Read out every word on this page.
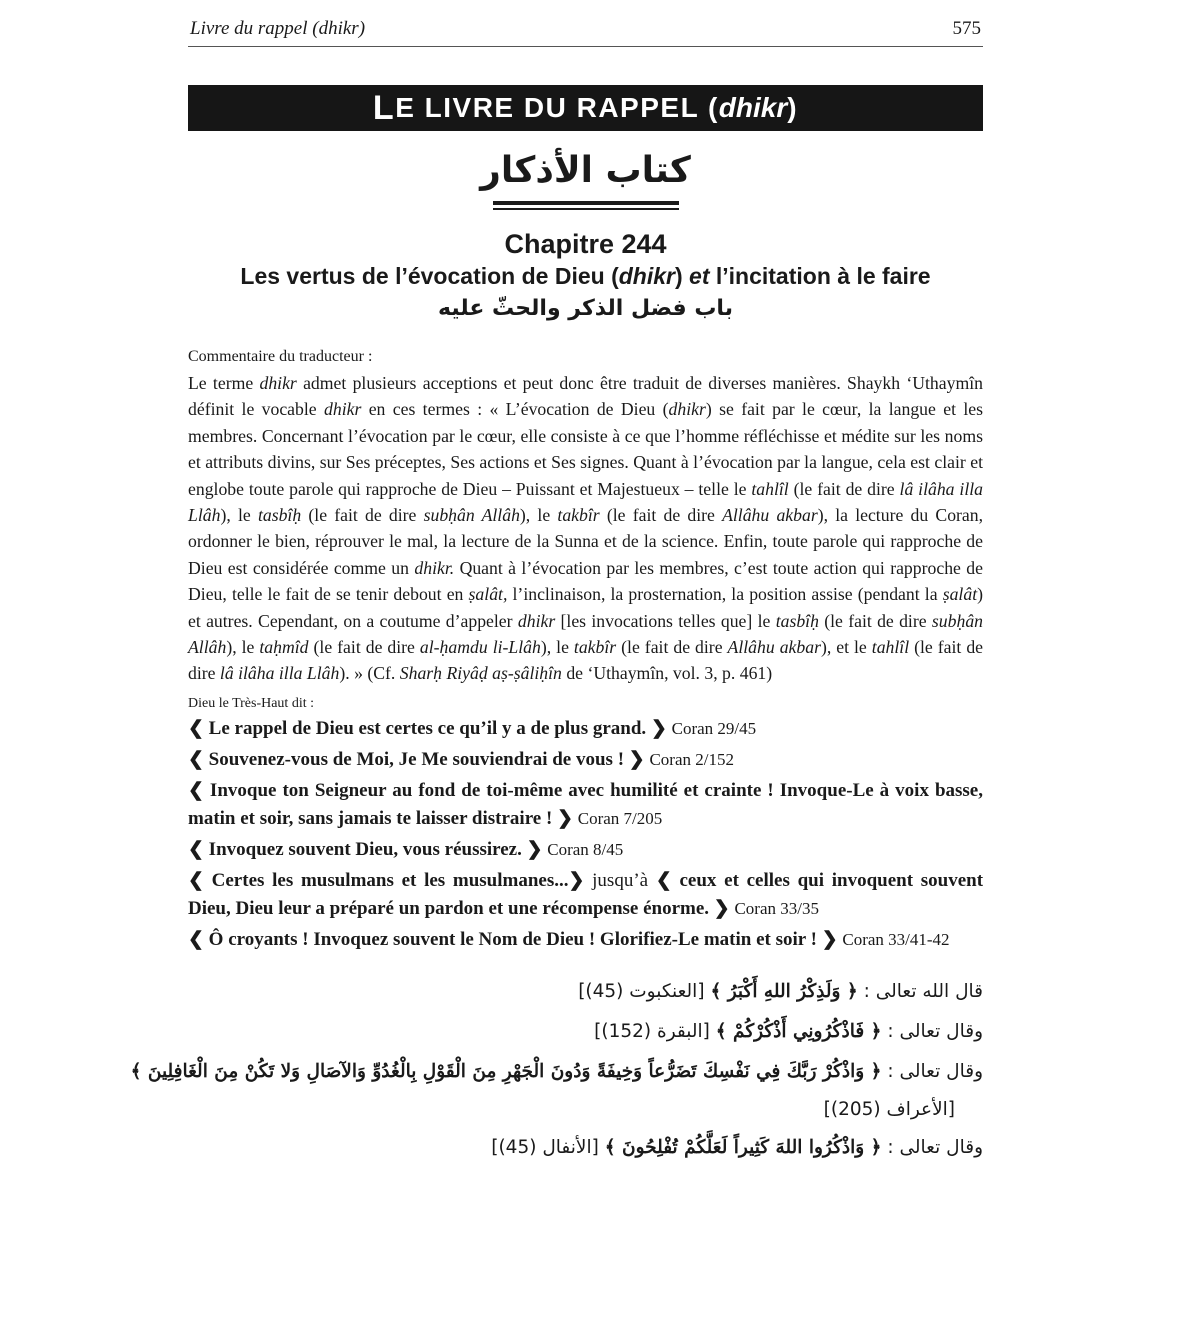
Livre du rappel (dhikr)	575
L E LIVRE DU RAPPEL ( dhikr )
كتاب الأذكار
Chapitre 244
Les vertus de l’évocation de Dieu (dhikr) et l’incitation à le faire
باب فضل الذكر والحثّ عليه
Commentaire du traducteur :
Le terme dhikr admet plusieurs acceptions et peut donc être traduit de diverses manières. Shaykh ‘Uthaymîn définit le vocable dhikr en ces termes : « L’évocation de Dieu (dhikr) se fait par le cœur, la langue et les membres. Concernant l’évocation par le cœur, elle consiste à ce que l’homme réfléchisse et médite sur les noms et attributs divins, sur Ses préceptes, Ses actions et Ses signes. Quant à l’évocation par la langue, cela est clair et englobe toute parole qui rapproche de Dieu – Puissant et Majestueux – telle le tahlîl (le fait de dire lâ ilâha illa Llâh), le tasbîḥ (le fait de dire subḥân Allâh), le takbîr (le fait de dire Allâhu akbar), la lecture du Coran, ordonner le bien, réprouver le mal, la lecture de la Sunna et de la science. Enfin, toute parole qui rapproche de Dieu est considérée comme un dhikr. Quant à l’évocation par les membres, c’est toute action qui rapproche de Dieu, telle le fait de se tenir debout en ṣalât, l’inclinaison, la prosternation, la position assise (pendant la ṣalât) et autres. Cependant, on a coutume d’appeler dhikr [les invocations telles que] le tasbîḥ (le fait de dire subḥân Allâh), le taḥmîd (le fait de dire al-ḥamdu li-Llâh), le takbîr (le fait de dire Allâhu akbar), et le tahlîl (le fait de dire lâ ilâha illa Llâh). » (Cf. Sharḥ Riyâḍ aṣ-ṣâliḥîn de ‘Uthaymîn, vol. 3, p. 461)
Dieu le Très-Haut dit :
❮ Le rappel de Dieu est certes ce qu’il y a de plus grand. ❯ Coran 29/45
❮ Souvenez-vous de Moi, Je Me souviendrai de vous ! ❯ Coran 2/152
❮ Invoque ton Seigneur au fond de toi-même avec humilité et crainte ! Invoque-Le à voix basse, matin et soir, sans jamais te laisser distraire ! ❯ Coran 7/205
❮ Invoquez souvent Dieu, vous réussirez. ❯ Coran 8/45
❮ Certes les musulmans et les musulmanes...❯ jusqu’à ❮ ceux et celles qui invoquent souvent Dieu, Dieu leur a préparé un pardon et une récompense énorme. ❯ Coran 33/35
❮ Ô croyants ! Invoquez souvent le Nom de Dieu ! Glorifiez-Le matin et soir ! ❯ Coran 33/41-42
قال الله تعالى : ﴿ وَلَذِكْرُ اللهِ أَكْبَرُ ﴾ [العنكبوت (45)]
وقال تعالى : ﴿ فَاذْكُرُونِي أَذْكُرْكُمْ ﴾ [البقرة (152)]
وقال تعالى : ﴿ وَاذْكُرْ رَبَّكَ فِي نَفْسِكَ تَضَرُّعاً وَخِيفَةً وَدُونَ الْجَهْرِ مِنَ الْقَوْلِ بِالْغُدُوِّ وَالآصَالِ وَلا تَكُنْ مِنَ الْغَافِلِينَ ﴾
[الأعراف (205)]
وقال تعالى : ﴿ وَاذْكُرُوا اللهَ كَثِيراً لَعَلَّكُمْ تُفْلِحُونَ ﴾ [الأنفال (45)]
